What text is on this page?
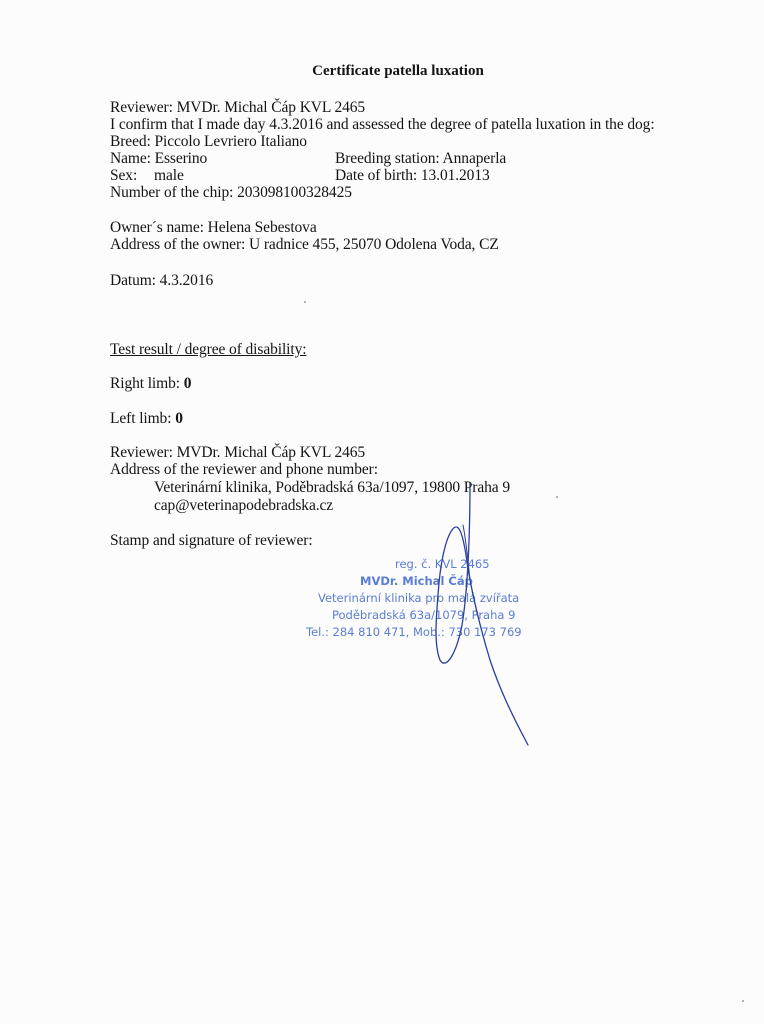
Certificate patella luxation
Reviewer: MVDr. Michal Čáp KVL 2465
I confirm that I made day 4.3.2016 and assessed the degree of patella luxation in the dog:
Breed: Piccolo Levriero Italiano
Name: Esserino	Breeding station: Annaperla
Sex: male	Date of birth: 13.01.2013
Number of the chip: 203098100328425
Owner´s name: Helena Sebestova
Address of the owner: U radnice 455, 25070 Odolena Voda, CZ
Datum: 4.3.2016
Test result / degree of disability:
Right limb: 0
Left limb: 0
Reviewer: MVDr. Michal Čáp KVL 2465
Address of the reviewer and phone number:
Veterinární klinika, Poděbradská 63a/1097, 19800 Praha 9
cap@veterinapodebradska.cz
Stamp and signature of reviewer:
reg. č. KVL 2465
MVDr. Michal Čáp
Veterinární klinika pro malá zvířata
Poděbradská 63a/1079, Praha 9
Tel.: 284 810 471, Mob.: 730 173 769
